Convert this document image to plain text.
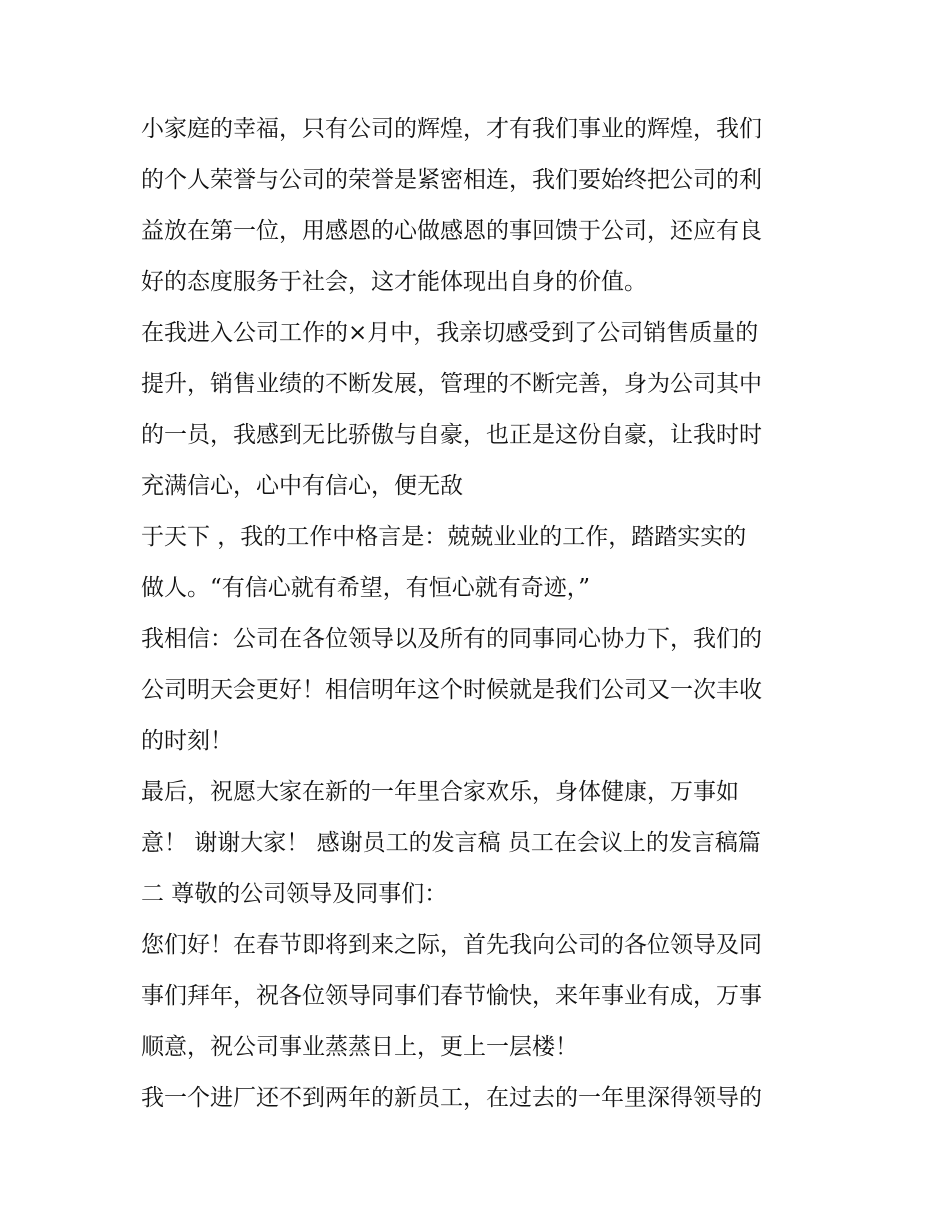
小家庭的幸福，只有公司的辉煌，才有我们事业的辉煌，我们
的个人荣誉与公司的荣誉是紧密相连，我们要始终把公司的利
益放在第一位，用感恩的心做感恩的事回馈于公司，还应有良
好的态度服务于社会，这才能体现出自身的价值。
在我进入公司工作的×月中，我亲切感受到了公司销售质量的
提升，销售业绩的不断发展，管理的不断完善，身为公司其中
的一员，我感到无比骄傲与自豪，也正是这份自豪，让我时时
充满信心，心中有信心，便无敌
于天下 ，我的工作中格言是：兢兢业业的工作，踏踏实实的
做人。“有信心就有希望，有恒心就有奇迹，”
我相信：公司在各位领导以及所有的同事同心协力下，我们的
公司明天会更好！相信明年这个时候就是我们公司又一次丰收
的时刻！
最后，祝愿大家在新的一年里合家欢乐，身体健康，万事如
意！ 谢谢大家！ 感谢员工的发言稿 员工在会议上的发言稿篇
二 尊敬的公司领导及同事们：
您们好！在春节即将到来之际，首先我向公司的各位领导及同
事们拜年，祝各位领导同事们春节愉快，来年事业有成，万事
顺意，祝公司事业蒸蒸日上，更上一层楼！
我一个进厂还不到两年的新员工，在过去的一年里深得领导的
